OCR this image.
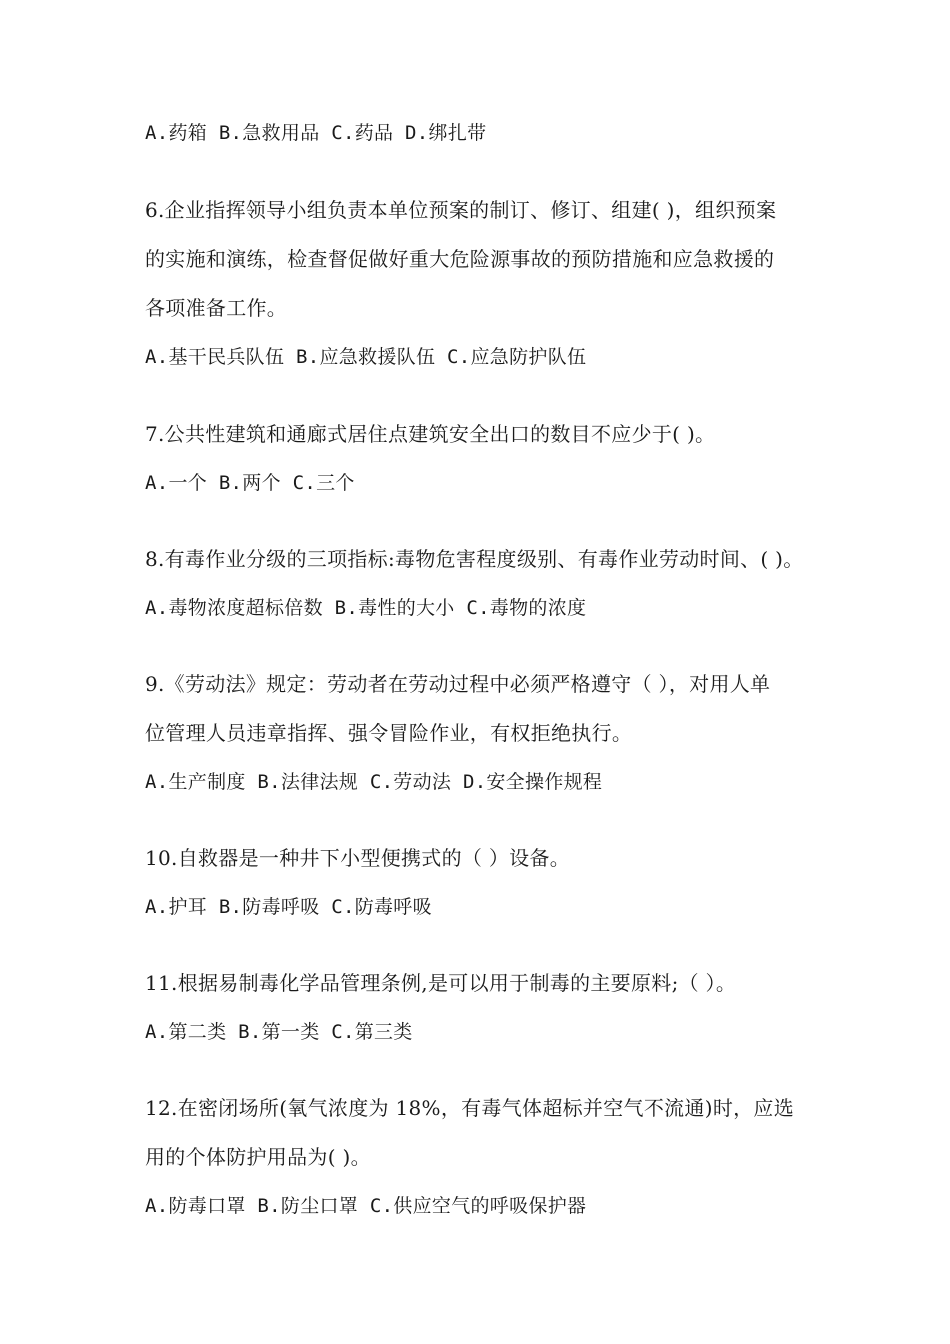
A.药箱 B.急救用品 C.药品 D.绑扎带
6.企业指挥领导小组负责本单位预案的制订、修订、组建( )，组织预案
的实施和演练，检查督促做好重大危险源事故的预防措施和应急救援的
各项准备工作。
A.基干民兵队伍 B.应急救援队伍 C.应急防护队伍
7.公共性建筑和通廊式居住点建筑安全出口的数目不应少于( )。
A.一个 B.两个 C.三个
8.有毒作业分级的三项指标:毒物危害程度级别、有毒作业劳动时间、( )。
A.毒物浓度超标倍数 B.毒性的大小 C.毒物的浓度
9.《劳动法》规定：劳动者在劳动过程中必须严格遵守（ ），对用人单
位管理人员违章指挥、强令冒险作业，有权拒绝执行。
A.生产制度 B.法律法规 C.劳动法 D.安全操作规程
10.自救器是一种井下小型便携式的（ ）设备。
A.护耳 B.防毒呼吸 C.防毒呼吸
11.根据易制毒化学品管理条例,是可以用于制毒的主要原料;（ ）。
A.第二类 B.第一类 C.第三类
12.在密闭场所(氧气浓度为 18%，有毒气体超标并空气不流通)时，应选
用的个体防护用品为( )。
A.防毒口罩 B.防尘口罩 C.供应空气的呼吸保护器
